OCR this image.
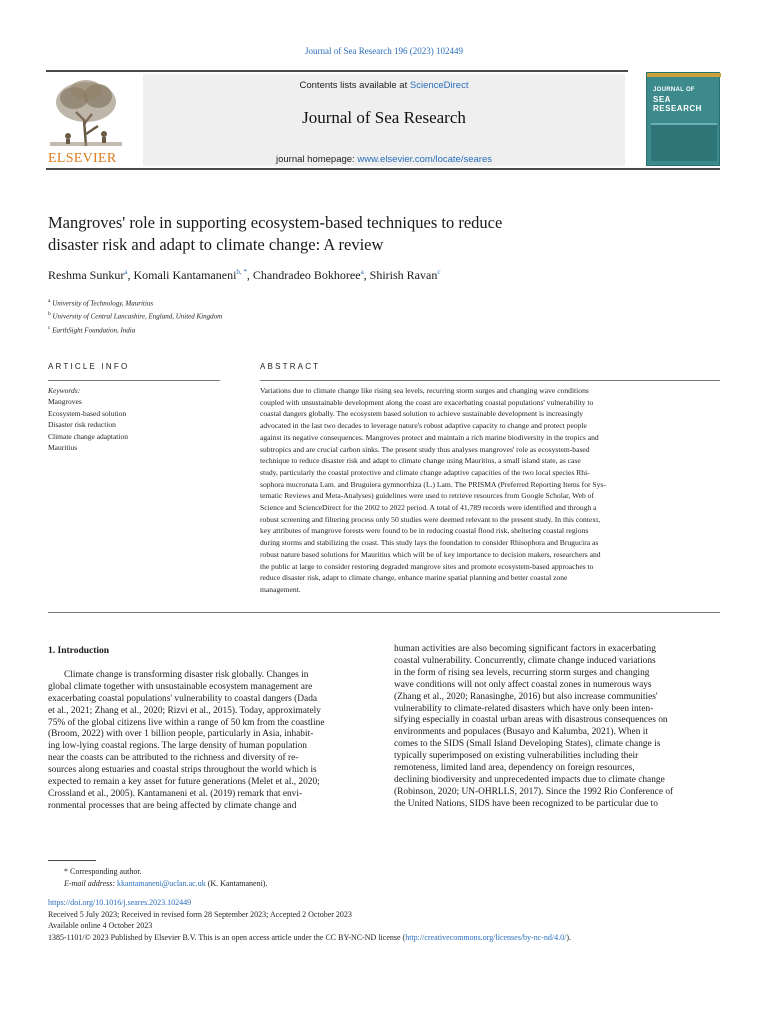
Journal of Sea Research 196 (2023) 102449
ELSEVIER
Contents lists available at ScienceDirect
Journal of Sea Research
journal homepage: www.elsevier.com/locate/seares
JOURNAL OF
SEA RESEARCH
Mangroves' role in supporting ecosystem-based techniques to reduce
disaster risk and adapt to climate change: A review
Reshma Sunkur$^a$, Komali Kantamaneni$^{b, *}$, Chandradeo Bokhoree$^a$, Shirish Ravan$^c$
$^a$ University of Technology, Mauritius
$^b$ University of Central Lancashire, England, United Kingdom
$^c$ EarthSight Foundation, India
ARTICLE INFO	ABSTRACT
Keywords:
Mangroves
Ecosystem-based solution
Disaster risk reduction
Climate change adaptation
Mauritius
Variations due to climate change like rising sea levels, recurring storm surges and changing wave conditions
coupled with unsustainable development along the coast are exacerbating coastal populations' vulnerability to
coastal dangers globally. The ecosystem based solution to achieve sustainable development is increasingly
advocated in the last two decades to leverage nature's robust adaptive capacity to change and protect people
against its negative consequences. Mangroves protect and maintain a rich marine biodiversity in the tropics and
subtropics and are crucial carbon sinks. The present study thus analyses mangroves' role as ecosystem-based
technique to reduce disaster risk and adapt to climate change using Mauritius, a small island state, as case
study, particularly the coastal protective and climate change adaptive capacities of the two local species Rhi-
sophora mucronata Lam. and Bruguiera gymnorrhiza (L.) Lam. The PRISMA (Preferred Reporting Items for Sys-
tematic Reviews and Meta-Analyses) guidelines were used to retrieve resources from Google Scholar, Web of
Science and ScienceDirect for the 2002 to 2022 period. A total of 41,789 records were identified and through a
robust screening and filtering process only 50 studies were deemed relevant to the present study. In this context,
key attributes of mangrove forests were found to be in reducing coastal flood risk, sheltering coastal regions
during storms and stabilizing the coast. This study lays the foundation to consider Rhisophora and Brugucira as
robust nature based solutions for Mauritius which will be of key importance to decision makers, researchers and
the public at large to consider restoring degraded mangrove sites and promote ecosystem-based approaches to
reduce disaster risk, adapt to climate change, enhance marine spatial planning and better coastal zone
management.
1. Introduction
Climate change is transforming disaster risk globally. Changes in
global climate together with unsustainable ecosystem management are
exacerbating coastal populations' vulnerability to coastal dangers (Dada
et al., 2021; Zhang et al., 2020; Rizvi et al., 2015). Today, approximately
75% of the global citizens live within a range of 50 km from the coastline
(Broom, 2022) with over 1 billion people, particularly in Asia, inhabit-
ing low-lying coastal regions. The large density of human population
near the coasts can be attributed to the richness and diversity of re-
sources along estuaries and coastal strips throughout the world which is
expected to remain a key asset for future generations (Melet et al., 2020;
Crossland et al., 2005). Kantamaneni et al. (2019) remark that envi-
ronmental processes that are being affected by climate change and
human activities are also becoming significant factors in exacerbating
coastal vulnerability. Concurrently, climate change induced variations
in the form of rising sea levels, recurring storm surges and changing
wave conditions will not only affect coastal zones in numerous ways
(Zhang et al., 2020; Ranasinghe, 2016) but also increase communities'
vulnerability to climate-related disasters which have only been inten-
sifying especially in coastal urban areas with disastrous consequences on
environments and populaces (Busayo and Kalumba, 2021). When it
comes to the SIDS (Small Island Developing States), climate change is
typically superimposed on existing vulnerabilities including their
remoteness, limited land area, dependency on foreign resources,
declining biodiversity and unprecedented impacts due to climate change
(Robinson, 2020; UN-OHRLLS, 2017). Since the 1992 Rio Conference of
the United Nations, SIDS have been recognized to be particular due to
* Corresponding author.
E-mail address: kkantamaneni@uclan.ac.uk (K. Kantamaneni).
https://doi.org/10.1016/j.seares.2023.102449
Received 5 July 2023; Received in revised form 28 September 2023; Accepted 2 October 2023
Available online 4 October 2023
1385-1101/© 2023 Published by Elsevier B.V. This is an open access article under the CC BY-NC-ND license (http://creativecommons.org/licenses/by-nc-nd/4.0/).
